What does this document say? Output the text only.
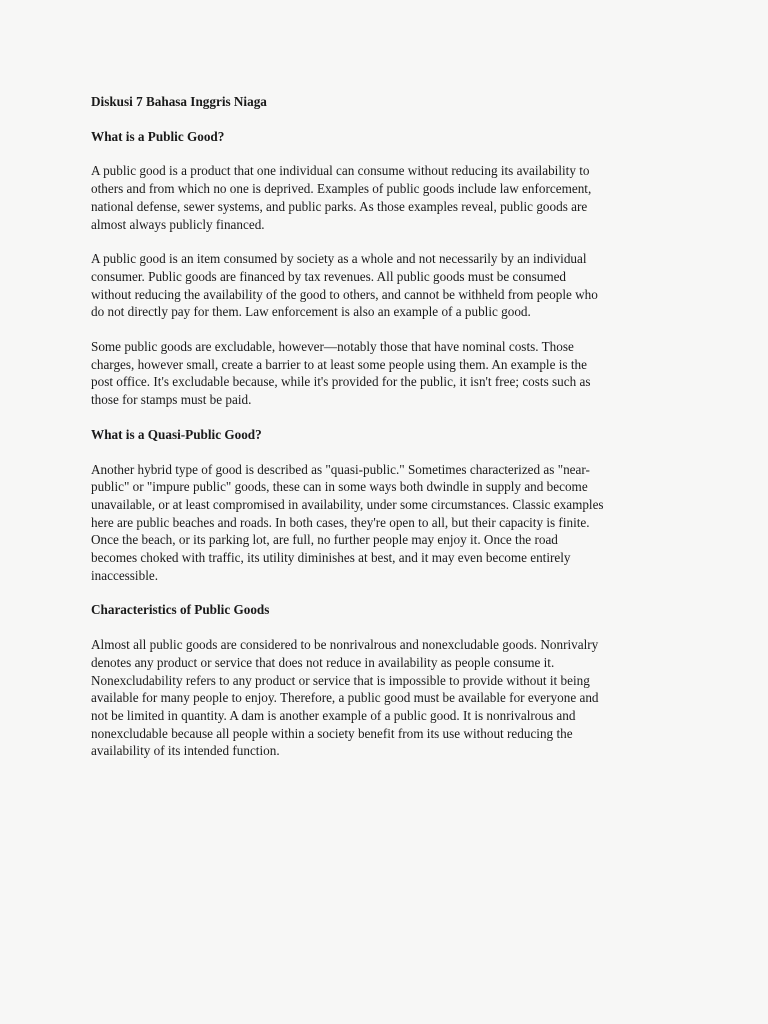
Diskusi 7 Bahasa Inggris Niaga
What is a Public Good?
A public good is a product that one individual can consume without reducing its availability to
others and from which no one is deprived. Examples of public goods include law enforcement,
national defense, sewer systems, and public parks. As those examples reveal, public goods are
almost always publicly financed.
A public good is an item consumed by society as a whole and not necessarily by an individual
consumer. Public goods are financed by tax revenues. All public goods must be consumed
without reducing the availability of the good to others, and cannot be withheld from people who
do not directly pay for them. Law enforcement is also an example of a public good.
Some public goods are excludable, however—notably those that have nominal costs. Those
charges, however small, create a barrier to at least some people using them. An example is the
post office. It's excludable because, while it's provided for the public, it isn't free; costs such as
those for stamps must be paid.
What is a Quasi-Public Good?
Another hybrid type of good is described as "quasi-public." Sometimes characterized as "near-
public" or "impure public" goods, these can in some ways both dwindle in supply and become
unavailable, or at least compromised in availability, under some circumstances. Classic examples
here are public beaches and roads. In both cases, they're open to all, but their capacity is finite.
Once the beach, or its parking lot, are full, no further people may enjoy it. Once the road
becomes choked with traffic, its utility diminishes at best, and it may even become entirely
inaccessible.
Characteristics of Public Goods
Almost all public goods are considered to be nonrivalrous and nonexcludable goods. Nonrivalry
denotes any product or service that does not reduce in availability as people consume it.
Nonexcludability refers to any product or service that is impossible to provide without it being
available for many people to enjoy. Therefore, a public good must be available for everyone and
not be limited in quantity. A dam is another example of a public good. It is nonrivalrous and
nonexcludable because all people within a society benefit from its use without reducing the
availability of its intended function.
